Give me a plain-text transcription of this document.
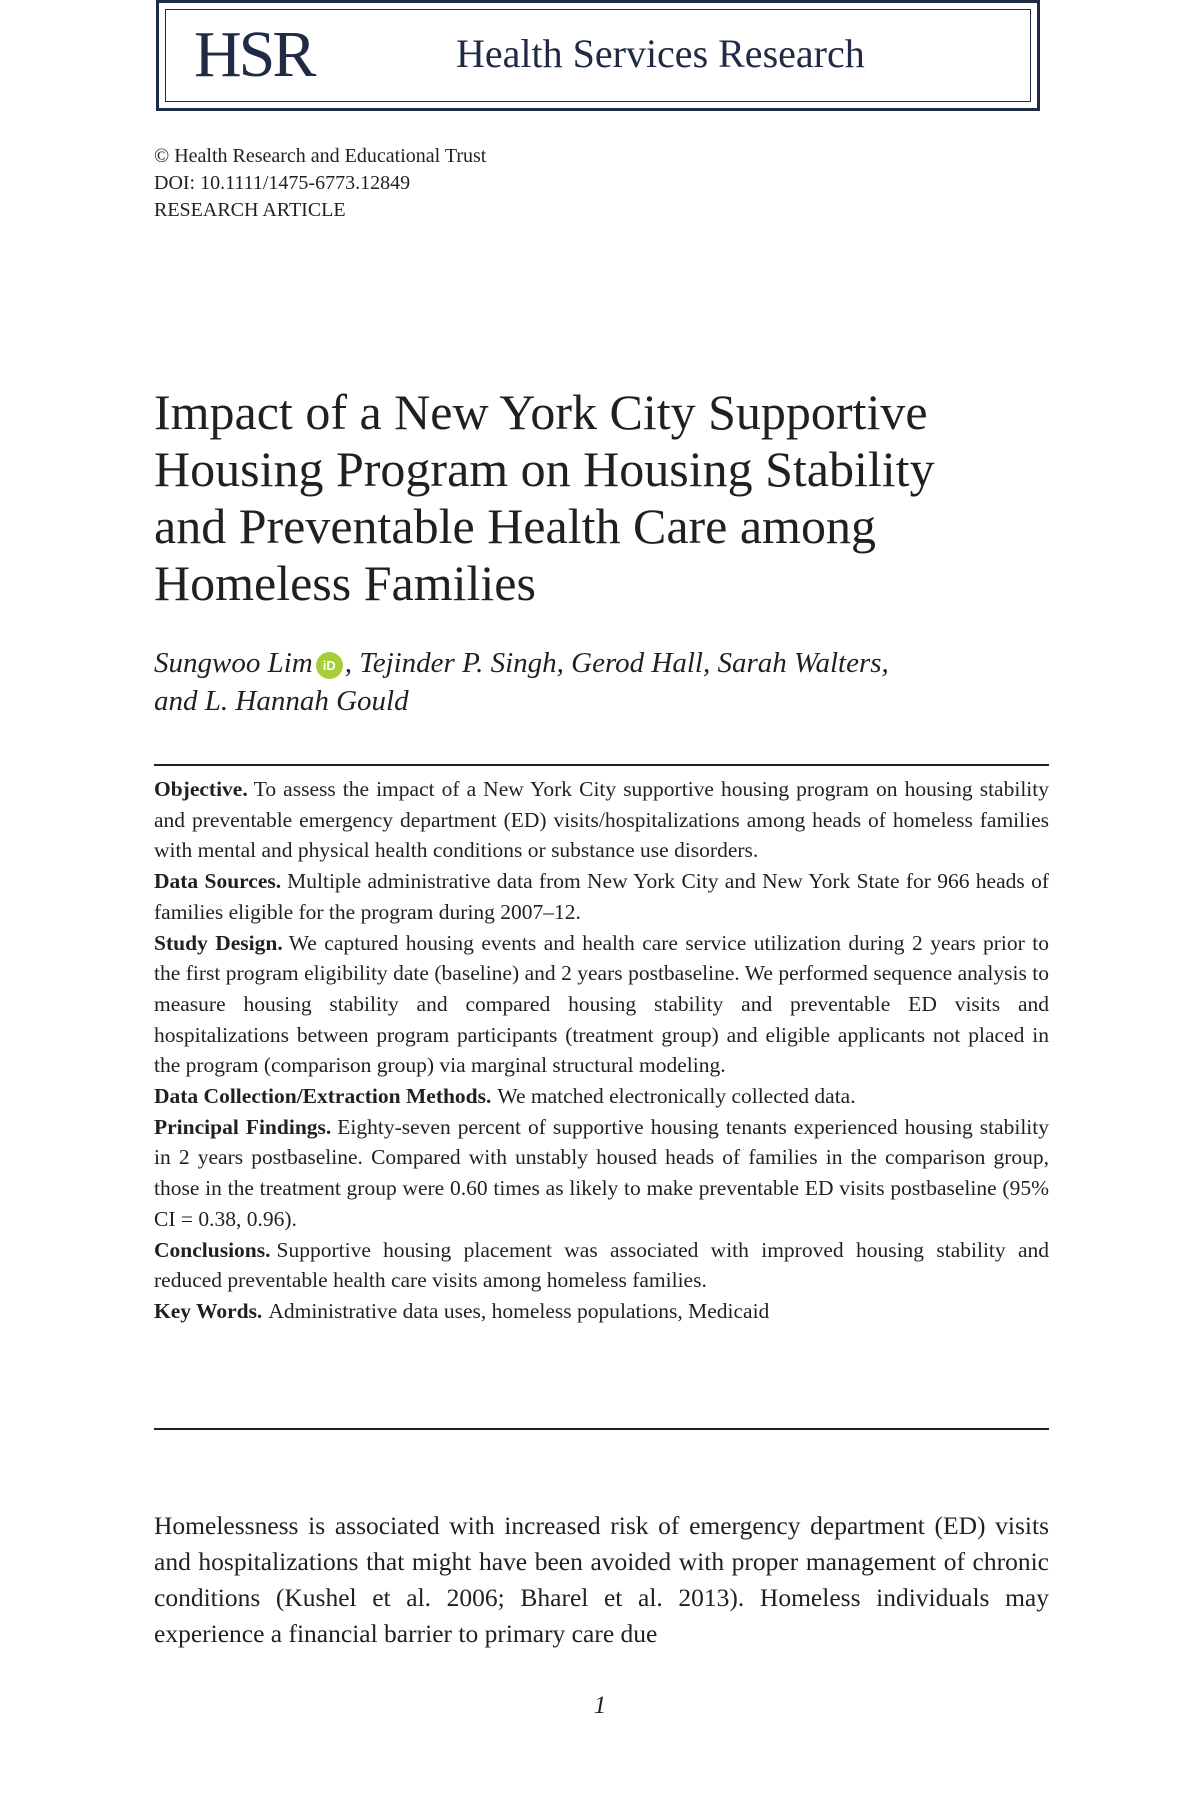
HSR	Health Services Research
© Health Research and Educational Trust
DOI: 10.1111/1475-6773.12849
RESEARCH ARTICLE
Impact of a New York City Supportive
Housing Program on Housing Stability
and Preventable Health Care among
Homeless Families
Sungwoo Lim iD , Tejinder P. Singh, Gerod Hall, Sarah Walters,
and L. Hannah Gould

Objective. To assess the impact of a New York City supportive housing program on housing stability and preventable emergency department (ED) visits/hospitalizations among heads of homeless families with mental and physical health conditions or substance use disorders.

Data Sources. Multiple administrative data from New York City and New York State for 966 heads of families eligible for the program during 2007–12.

Study Design. We captured housing events and health care service utilization during 2 years prior to the first program eligibility date (baseline) and 2 years postbaseline. We performed sequence analysis to measure housing stability and compared housing stability and preventable ED visits and hospitalizations between program participants (treatment group) and eligible applicants not placed in the program (comparison group) via marginal structural modeling.

Data Collection/Extraction Methods. We matched electronically collected data.

Principal Findings. Eighty-seven percent of supportive housing tenants experienced housing stability in 2 years postbaseline. Compared with unstably housed heads of families in the comparison group, those in the treatment group were 0.60 times as likely to make preventable ED visits postbaseline (95% CI = 0.38, 0.96).

Conclusions. Supportive housing placement was associated with improved housing stability and reduced preventable health care visits among homeless families.

Key Words. Administrative data uses, homeless populations, Medicaid

Homelessness is associated with increased risk of emergency department (ED) visits and hospitalizations that might have been avoided with proper management of chronic conditions (Kushel et al. 2006; Bharel et al. 2013). Homeless individuals may experience a financial barrier to primary care due

1
